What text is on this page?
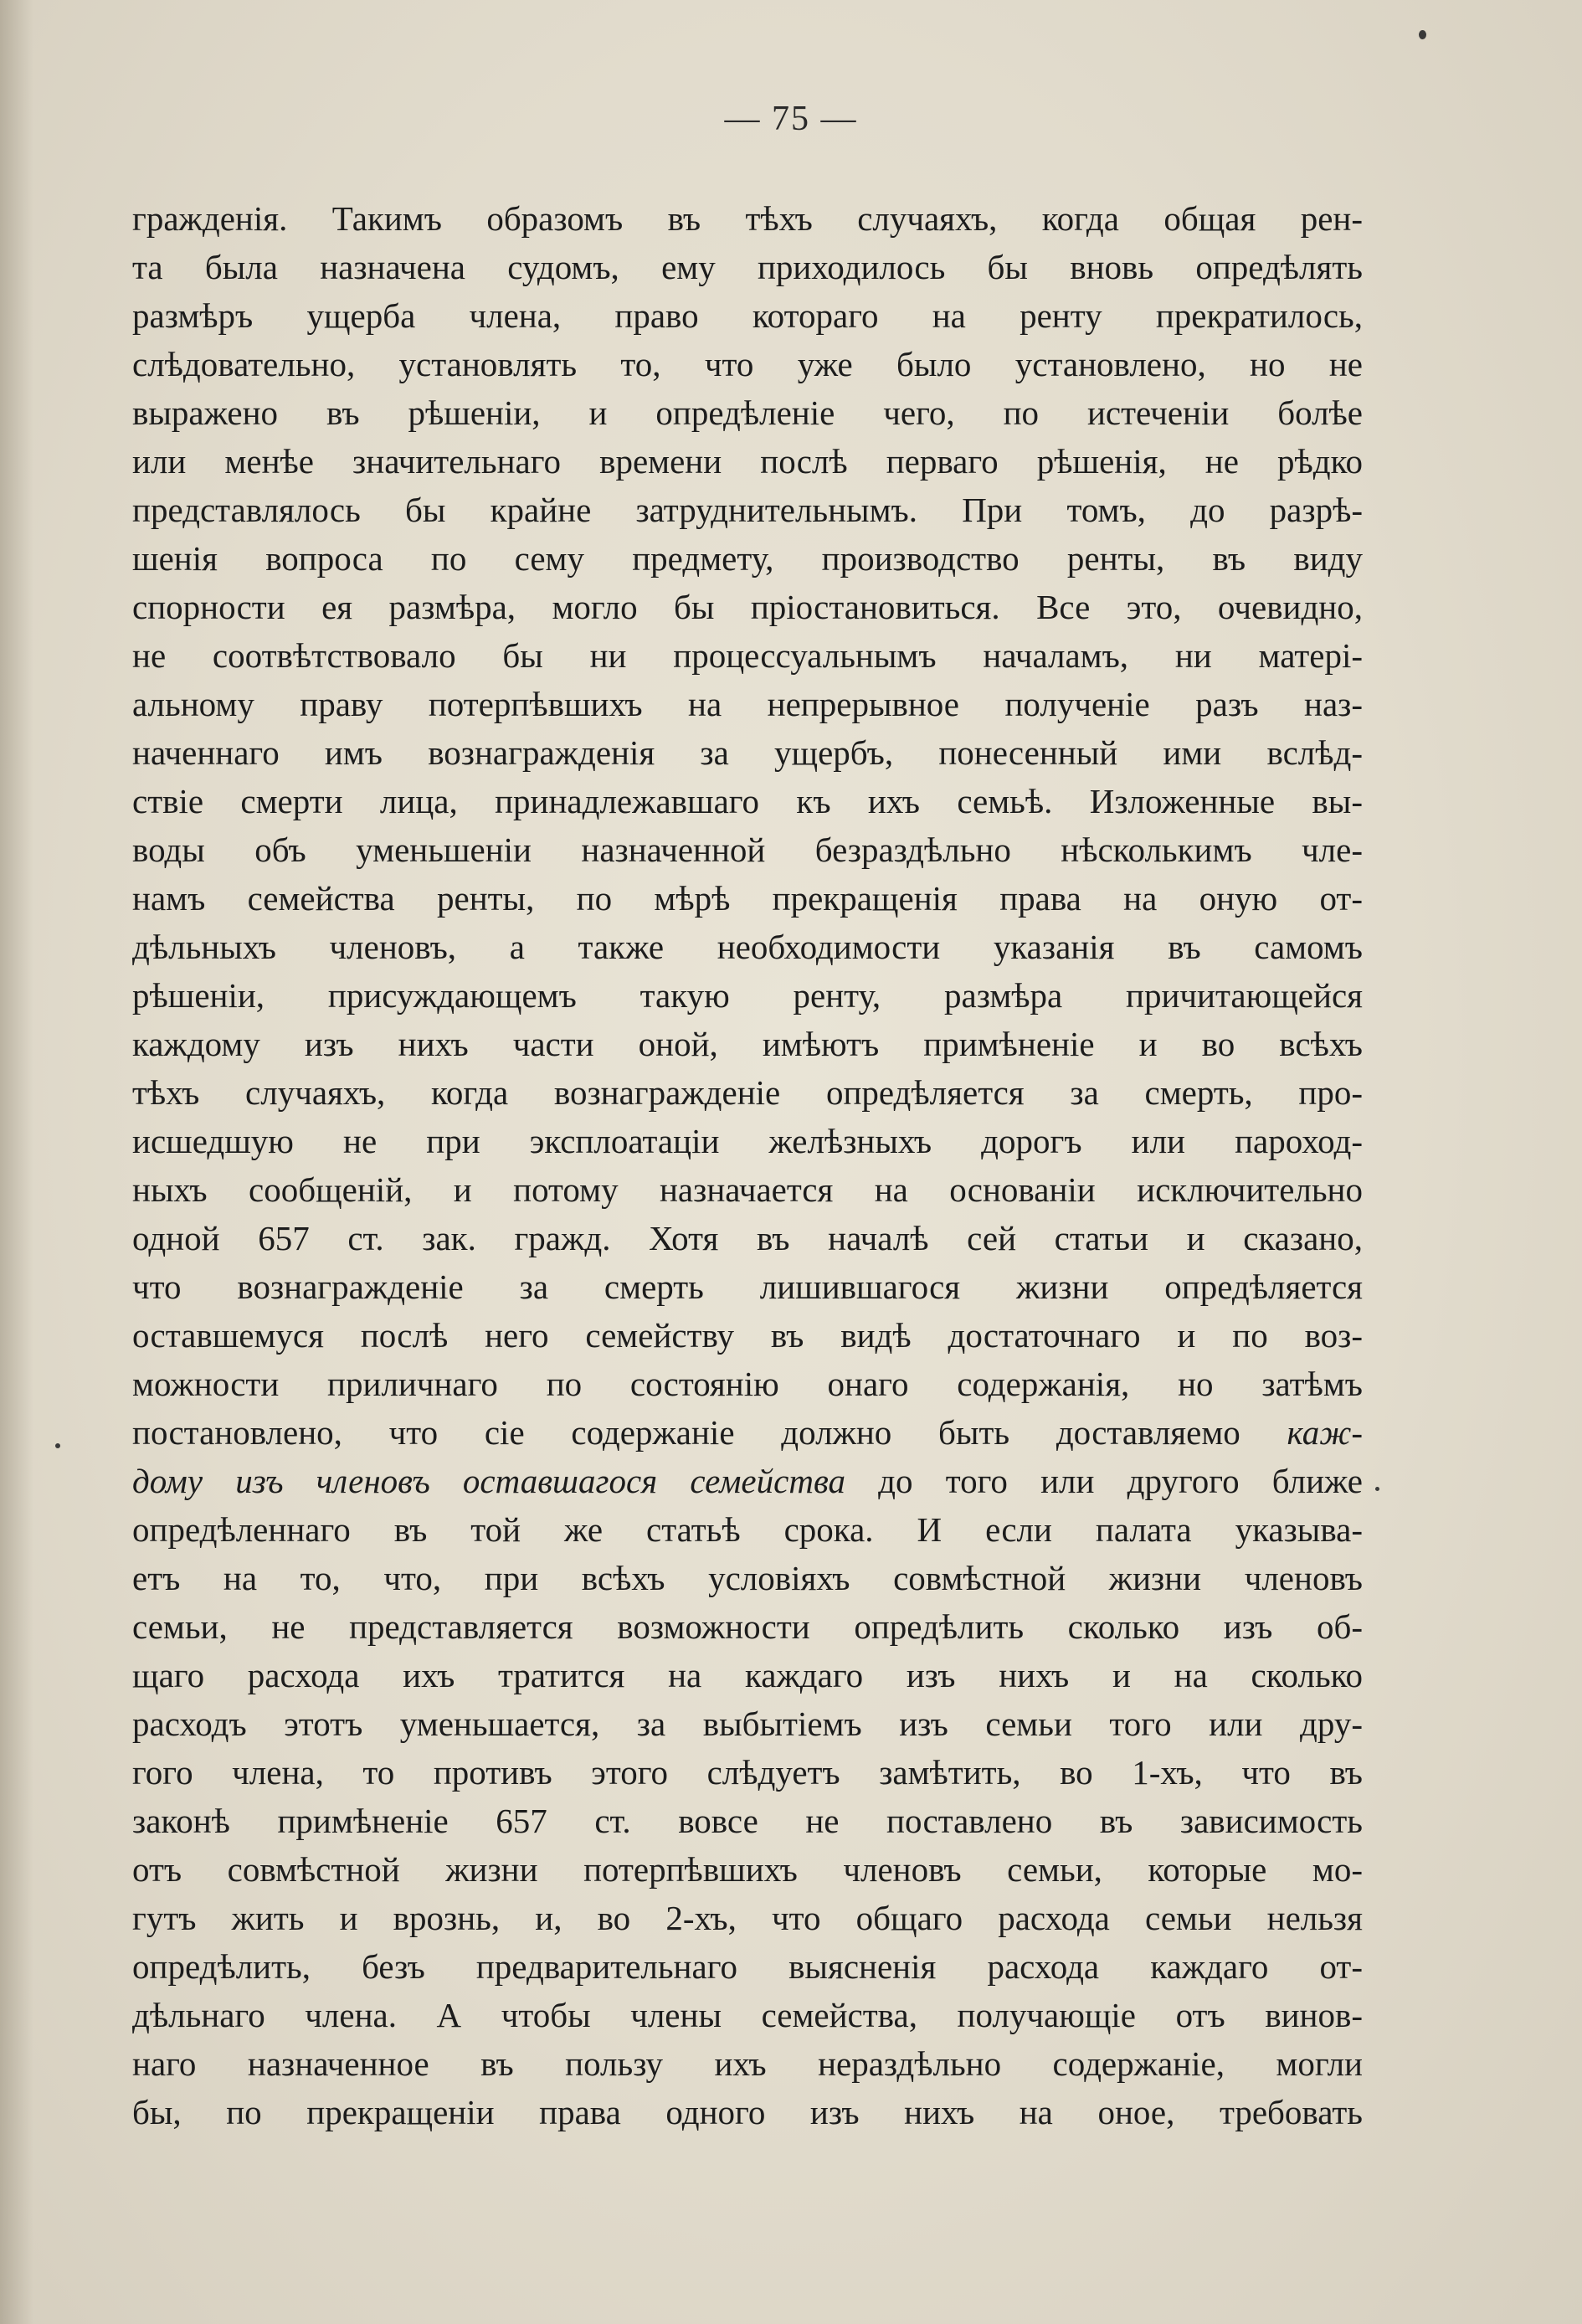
— 75 —
гражденія. Такимъ образомъ въ тѣхъ случаяхъ, когда общая рен-
та была назначена судомъ, ему приходилось бы вновь опредѣлять
размѣръ ущерба члена, право котораго на ренту прекратилось,
слѣдовательно, установлять то, что уже было установлено, но не
выражено въ рѣшеніи, и опредѣленіе чего, по истеченіи болѣе
или менѣе значительнаго времени послѣ перваго рѣшенія, не рѣдко
представлялось бы крайне затруднительнымъ. При томъ, до разрѣ-
шенія вопроса по сему предмету, производство ренты, въ виду
спорности ея размѣра, могло бы пріостановиться. Все это, очевидно,
не соотвѣтствовало бы ни процессуальнымъ началамъ, ни матері-
альному праву потерпѣвшихъ на непрерывное полученіе разъ наз-
наченнаго имъ вознагражденія за ущербъ, понесенный ими вслѣд-
ствіе смерти лица, принадлежавшаго къ ихъ семьѣ. Изложенные вы-
воды объ уменьшеніи назначенной безраздѣльно нѣсколькимъ чле-
намъ семейства ренты, по мѣрѣ прекращенія права на оную от-
дѣльныхъ членовъ, а также необходимости указанія въ самомъ
рѣшеніи, присуждающемъ такую ренту, размѣра причитающейся
каждому изъ нихъ части оной, имѣютъ примѣненіе и во всѣхъ
тѣхъ случаяхъ, когда вознагражденіе опредѣляется за смерть, про-
исшедшую не при эксплоатаціи желѣзныхъ дорогъ или пароход-
ныхъ сообщеній, и потому назначается на основаніи исключительно
одной 657 ст. зак. гражд. Хотя въ началѣ сей статьи и сказано,
что вознагражденіе за смерть лишившагося жизни опредѣляется
оставшемуся послѣ него семейству въ видѣ достаточнаго и по воз-
можности приличнаго по состоянію онаго содержанія, но затѣмъ
постановлено, что сіе содержаніе должно быть доставляемо каж-
дому изъ членовъ оставшагося семейства до того или другого ближе
опредѣленнаго въ той же статьѣ срока. И если палата указыва-
етъ на то, что, при всѣхъ условіяхъ совмѣстной жизни членовъ
семьи, не представляется возможности опредѣлить сколько изъ об-
щаго расхода ихъ тратится на каждаго изъ нихъ и на сколько
расходъ этотъ уменьшается, за выбытіемъ изъ семьи того или дру-
гого члена, то противъ этого слѣдуетъ замѣтить, во 1-хъ, что въ
законѣ примѣненіе 657 ст. вовсе не поставлено въ зависимость
отъ совмѣстной жизни потерпѣвшихъ членовъ семьи, которые мо-
гутъ жить и врознь, и, во 2-хъ, что общаго расхода семьи нельзя
опредѣлить, безъ предварительнаго выясненія расхода каждаго от-
дѣльнаго члена. А чтобы члены семейства, получающіе отъ винов-
наго назначенное въ пользу ихъ нераздѣльно содержаніе, могли
бы, по прекращеніи права одного изъ нихъ на оное, требовать
